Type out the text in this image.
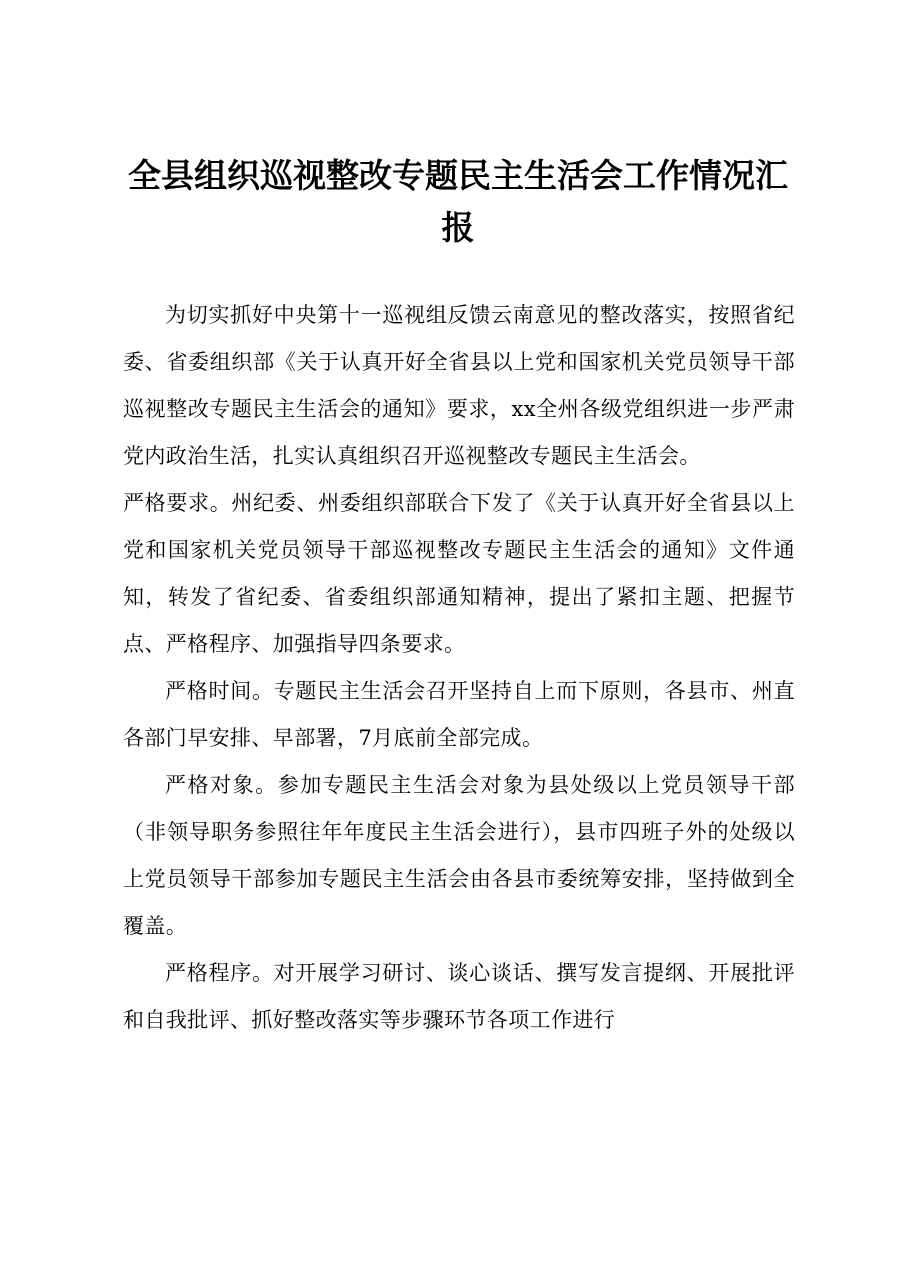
全县组织巡视整改专题民主生活会工作情况汇报

为切实抓好中央第十一巡视组反馈云南意见的整改落实，按照省纪委、省委组织部《关于认真开好全省县以上党和国家机关党员领导干部巡视整改专题民主生活会的通知》要求，xx全州各级党组织进一步严肃党内政治生活，扎实认真组织召开巡视整改专题民主生活会。

严格要求。州纪委、州委组织部联合下发了《关于认真开好全省县以上党和国家机关党员领导干部巡视整改专题民主生活会的通知》文件通知，转发了省纪委、省委组织部通知精神，提出了紧扣主题、把握节点、严格程序、加强指导四条要求。

严格时间。专题民主生活会召开坚持自上而下原则，各县市、州直各部门早安排、早部署，7月底前全部完成。

严格对象。参加专题民主生活会对象为县处级以上党员领导干部（非领导职务参照往年年度民主生活会进行），县市四班子外的处级以上党员领导干部参加专题民主生活会由各县市委统筹安排，坚持做到全覆盖。

严格程序。对开展学习研讨、谈心谈话、撰写发言提纲、开展批评和自我批评、抓好整改落实等步骤环节各项工作进行
